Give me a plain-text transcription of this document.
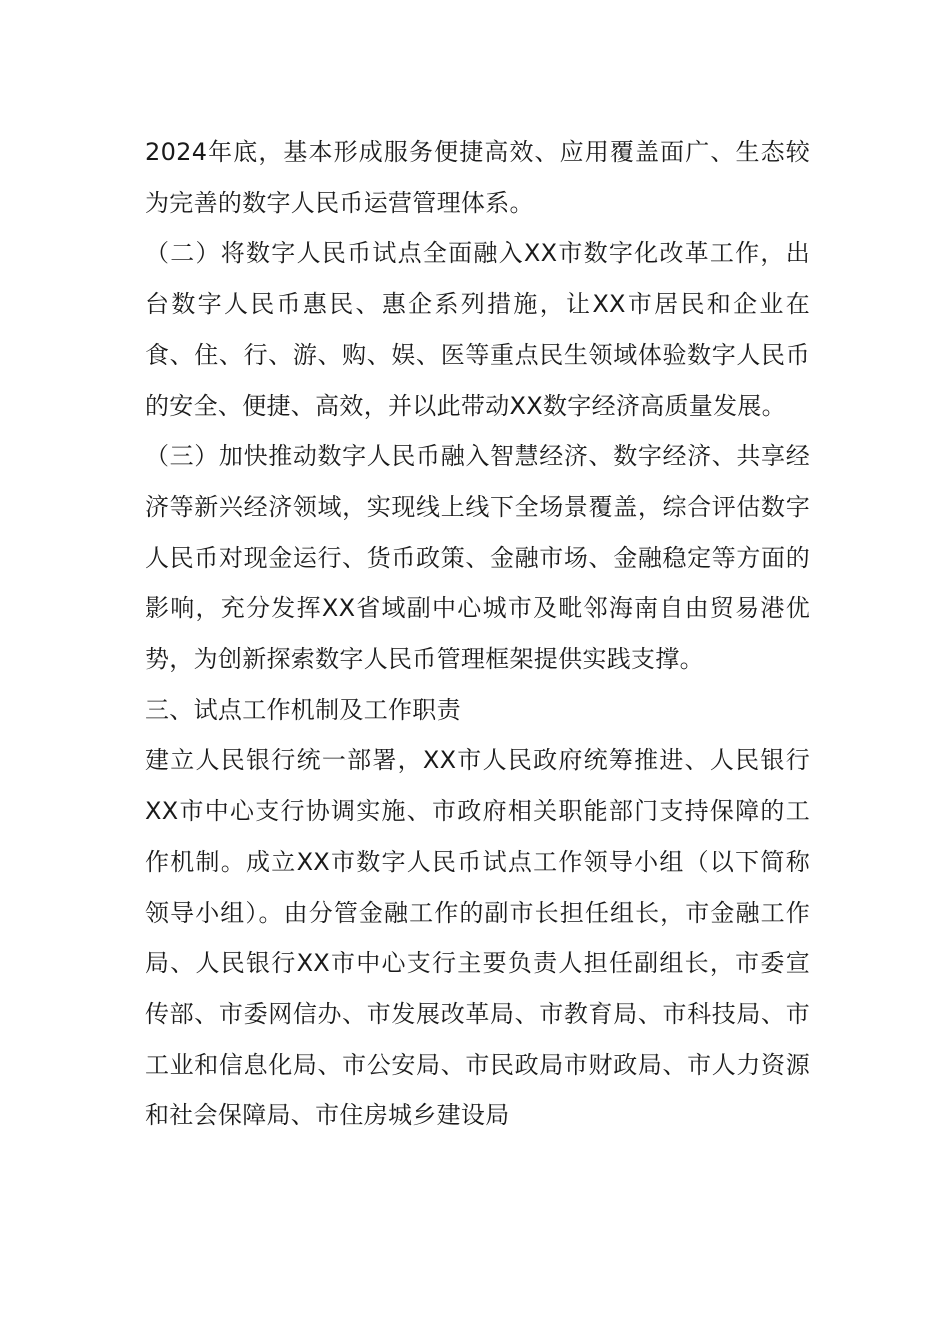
2024年底，基本形成服务便捷高效、应用覆盖面广、生态较为完善的数字人民币运营管理体系。

（二）将数字人民币试点全面融入XX市数字化改革工作，出台数字人民币惠民、惠企系列措施，让XX市居民和企业在食、住、行、游、购、娱、医等重点民生领域体验数字人民币的安全、便捷、高效，并以此带动XX数字经济高质量发展。

（三）加快推动数字人民币融入智慧经济、数字经济、共享经济等新兴经济领域，实现线上线下全场景覆盖，综合评估数字人民币对现金运行、货币政策、金融市场、金融稳定等方面的影响，充分发挥XX省域副中心城市及毗邻海南自由贸易港优势，为创新探索数字人民币管理框架提供实践支撑。

三、试点工作机制及工作职责

建立人民银行统一部署，XX市人民政府统筹推进、人民银行XX市中心支行协调实施、市政府相关职能部门支持保障的工作机制。成立XX市数字人民币试点工作领导小组（以下简称领导小组）。由分管金融工作的副市长担任组长，市金融工作局、人民银行XX市中心支行主要负责人担任副组长，市委宣传部、市委网信办、市发展改革局、市教育局、市科技局、市工业和信息化局、市公安局、市民政局市财政局、市人力资源和社会保障局、市住房城乡建设局
